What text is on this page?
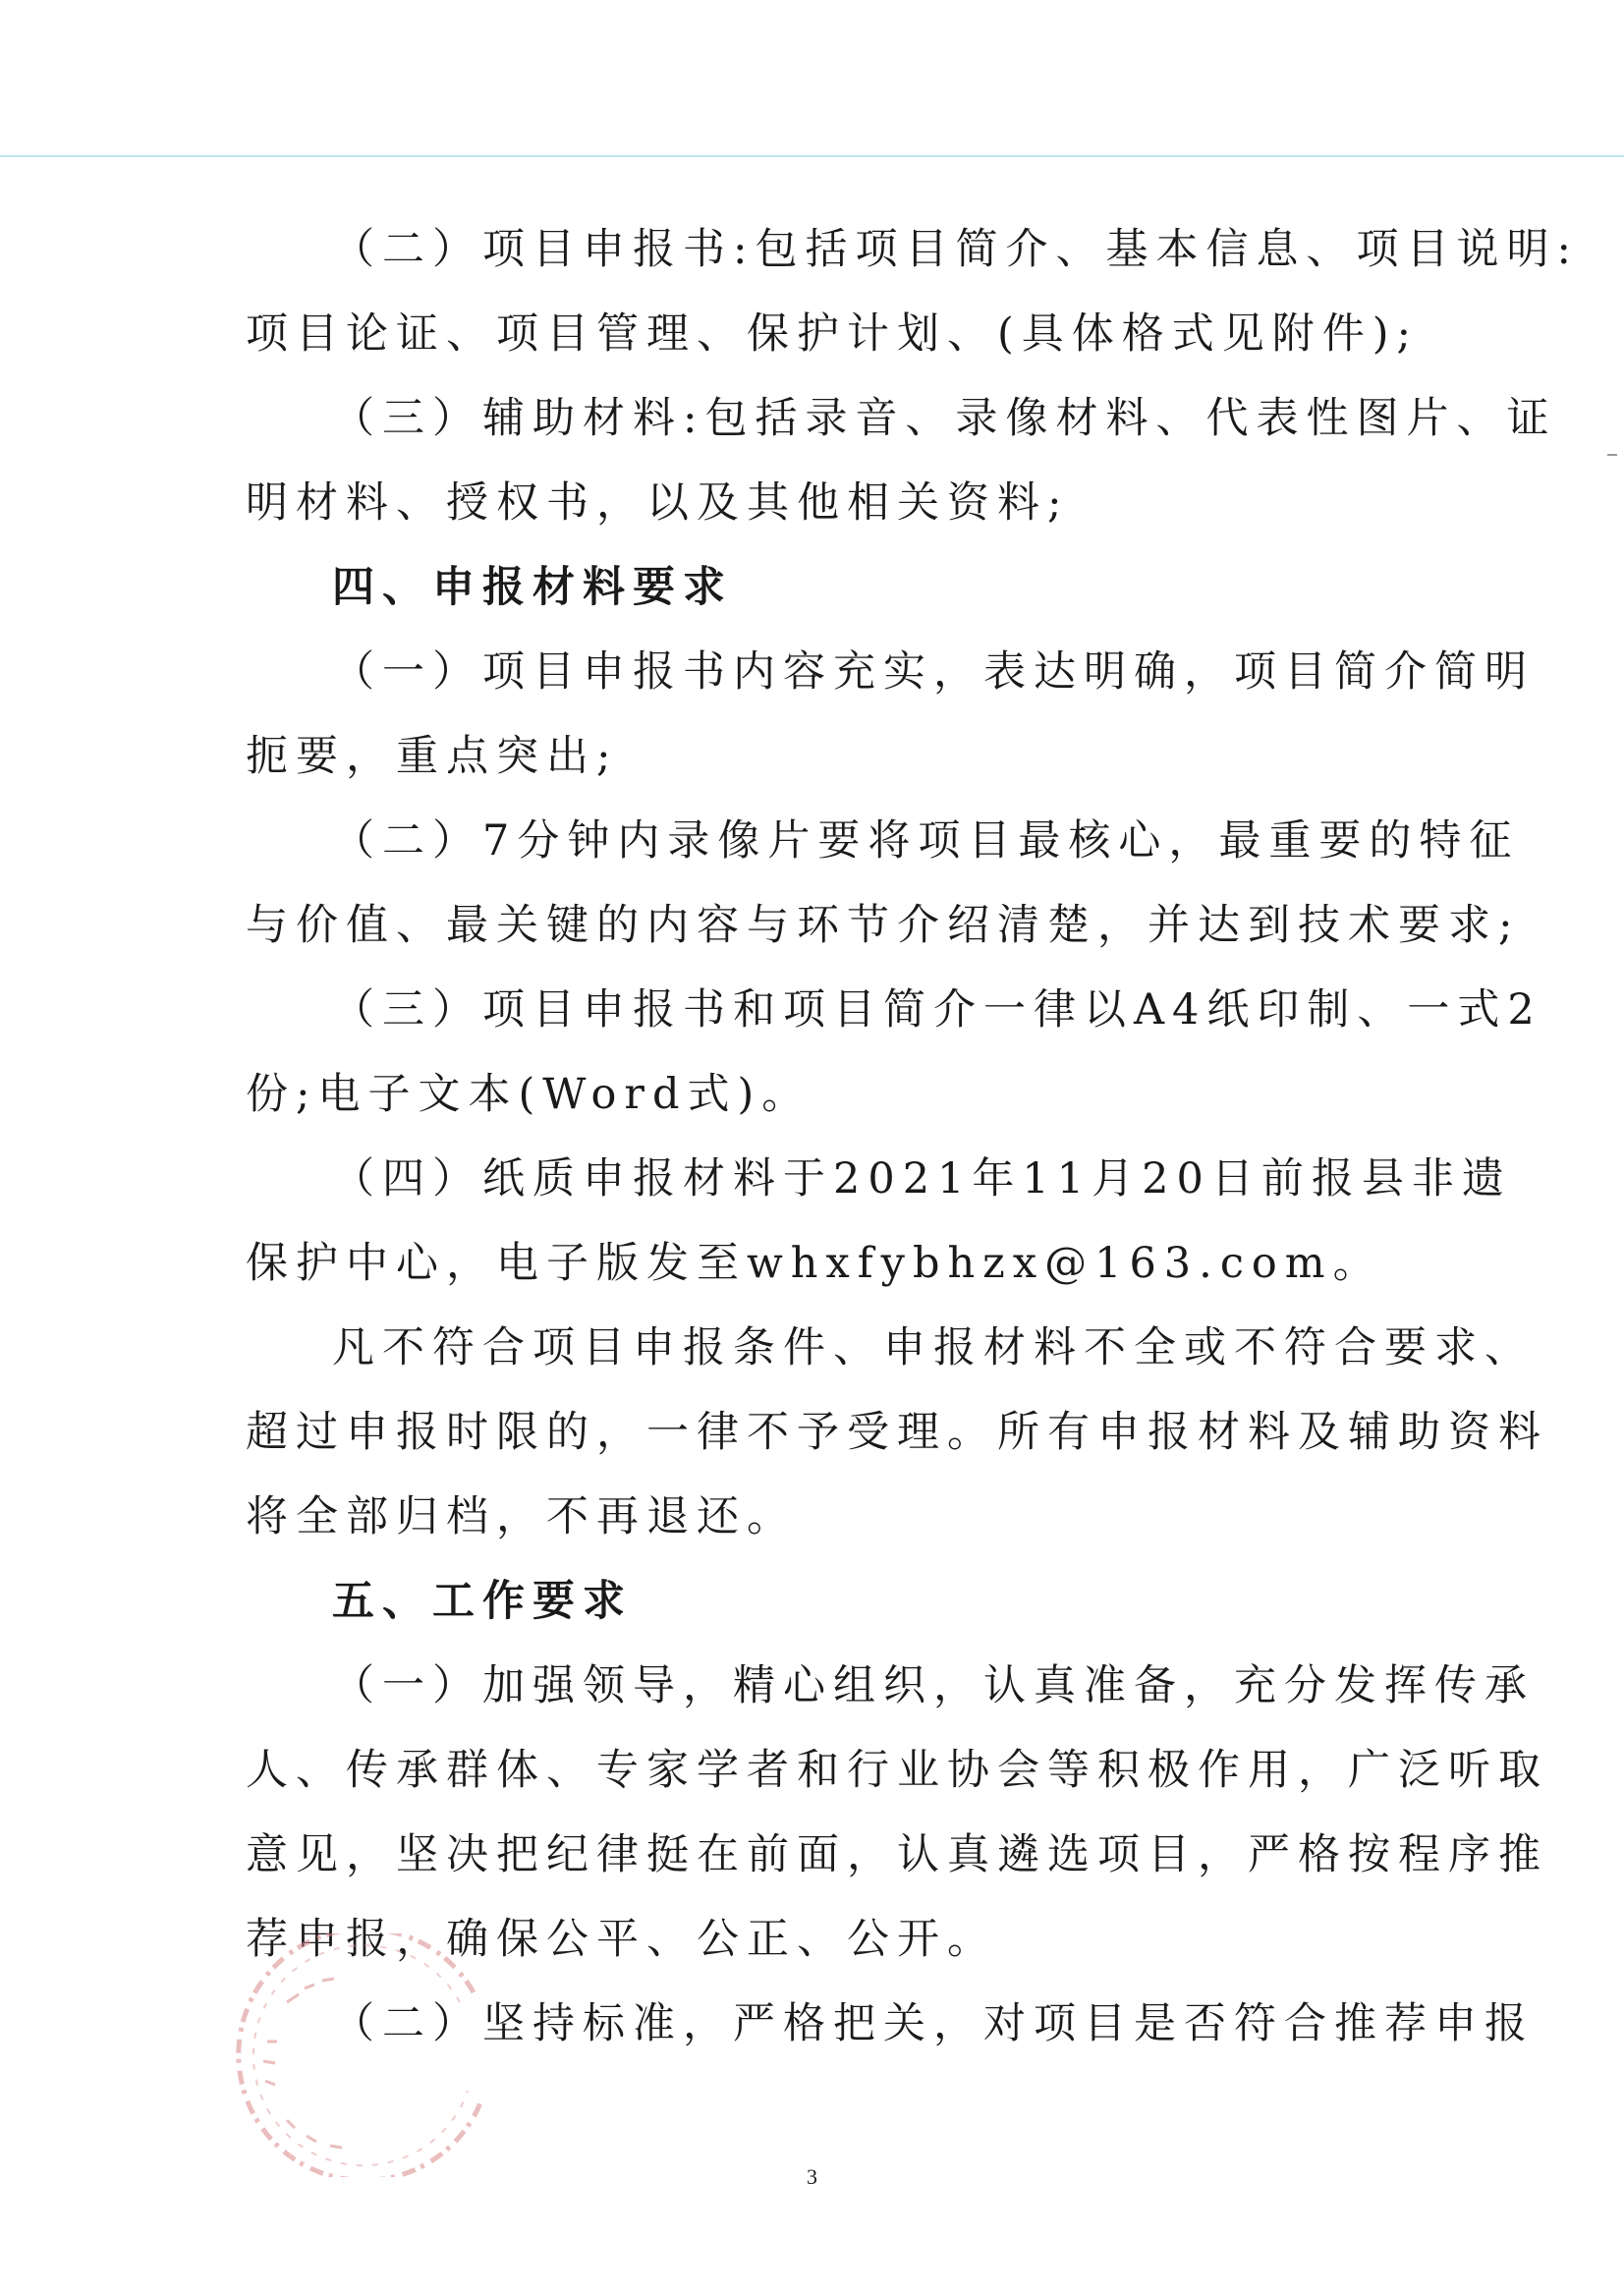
（二）项目申报书:包括项目简介、基本信息、项目说明:
项目论证、项目管理、保护计划、(具体格式见附件);
（三）辅助材料:包括录音、录像材料、代表性图片、证
明材料、授权书，以及其他相关资料;
四、申报材料要求
（一）项目申报书内容充实，表达明确，项目简介简明
扼要，重点突出;
（二）7分钟内录像片要将项目最核心，最重要的特征
与价值、最关键的内容与环节介绍清楚，并达到技术要求;
（三）项目申报书和项目简介一律以A4纸印制、一式2
份;电子文本(Word式)。
（四）纸质申报材料于2021年11月20日前报县非遗
保护中心，电子版发至whxfybhzx@163.com。
凡不符合项目申报条件、申报材料不全或不符合要求、
超过申报时限的，一律不予受理。所有申报材料及辅助资料
将全部归档，不再退还。
五、工作要求
（一）加强领导，精心组织，认真准备，充分发挥传承
人、传承群体、专家学者和行业协会等积极作用，广泛听取
意见，坚决把纪律挺在前面，认真遴选项目，严格按程序推
荐申报，确保公平、公正、公开。
（二）坚持标准，严格把关，对项目是否符合推荐申报
3
